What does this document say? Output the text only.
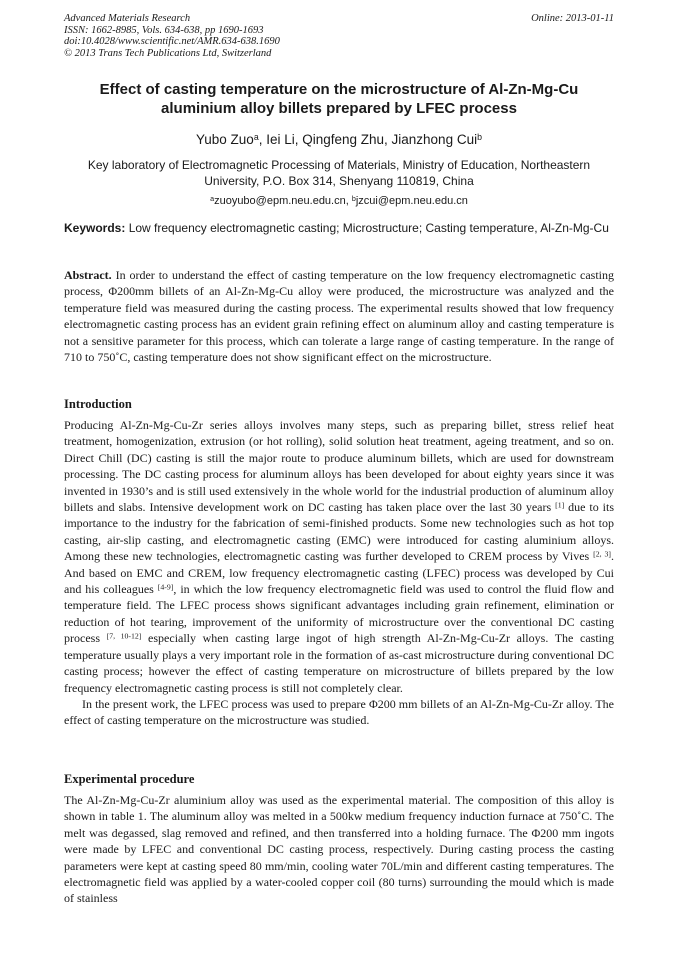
Advanced Materials Research
ISSN: 1662-8985, Vols. 634-638, pp 1690-1693
doi:10.4028/www.scientific.net/AMR.634-638.1690
© 2013 Trans Tech Publications Ltd, Switzerland
Online: 2013-01-11
Effect of casting temperature on the microstructure of Al-Zn-Mg-Cu
aluminium alloy billets prepared by LFEC process
Yubo Zuo$^a$, Iei Li, Qingfeng Zhu, Jianzhong Cui$^b$
Key laboratory of Electromagnetic Processing of Materials, Ministry of Education, Northeastern
University, P.O. Box 314, Shenyang 110819, China
$^a$zuoyubo@epm.neu.edu.cn, $^b$jzcui@epm.neu.edu.cn
Keywords: Low frequency electromagnetic casting; Microstructure; Casting temperature, Al-Zn-Mg-Cu

Abstract. In order to understand the effect of casting temperature on the low frequency electromagnetic casting process, Φ200mm billets of an Al-Zn-Mg-Cu alloy were produced, the microstructure was analyzed and the temperature field was measured during the casting process. The experimental results showed that low frequency electromagnetic casting process has an evident grain refining effect on aluminum alloy and casting temperature is not a sensitive parameter for this process, which can tolerate a large range of casting temperature. In the range of 710 to 750˚C, casting temperature does not show significant effect on the microstructure.

Introduction

Producing Al-Zn-Mg-Cu-Zr series alloys involves many steps, such as preparing billet, stress relief heat treatment, homogenization, extrusion (or hot rolling), solid solution heat treatment, ageing treatment, and so on. Direct Chill (DC) casting is still the major route to produce aluminum billets, which are used for downstream processing. The DC casting process for aluminum alloys has been developed for about eighty years since it was invented in 1930’s and is still used extensively in the whole world for the industrial production of aluminum alloy billets and slabs. Intensive development work on DC casting has taken place over the last 30 years [1] due to its importance to the industry for the fabrication of semi-finished products. Some new technologies such as hot top casting, air-slip casting, and electromagnetic casting (EMC) were introduced for casting aluminium alloys. Among these new technologies, electromagnetic casting was further developed to CREM process by Vives [2, 3]. And based on EMC and CREM, low frequency electromagnetic casting (LFEC) process was developed by Cui and his colleagues [4-9], in which the low frequency electromagnetic field was used to control the fluid flow and temperature field. The LFEC process shows significant advantages including grain refinement, elimination or reduction of hot tearing, improvement of the uniformity of microstructure over the conventional DC casting process [7, 10-12] especially when casting large ingot of high strength Al-Zn-Mg-Cu-Zr alloys. The casting temperature usually plays a very important role in the formation of as-cast microstructure during conventional DC casting process; however the effect of casting temperature on microstructure of billets prepared by the low frequency electromagnetic casting process is still not completely clear.

In the present work, the LFEC process was used to prepare Φ200 mm billets of an Al-Zn-Mg-Cu-Zr alloy. The effect of casting temperature on the microstructure was studied.

Experimental procedure

The Al-Zn-Mg-Cu-Zr aluminium alloy was used as the experimental material. The composition of this alloy is shown in table 1. The aluminum alloy was melted in a 500kw medium frequency induction furnace at 750˚C. The melt was degassed, slag removed and refined, and then transferred into a holding furnace. The Φ200 mm ingots were made by LFEC and conventional DC casting process, respectively. During casting process the casting parameters were kept at casting speed 80 mm/min, cooling water 70L/min and different casting temperatures. The electromagnetic field was applied by a water-cooled copper coil (80 turns) surrounding the mould which is made of stainless
